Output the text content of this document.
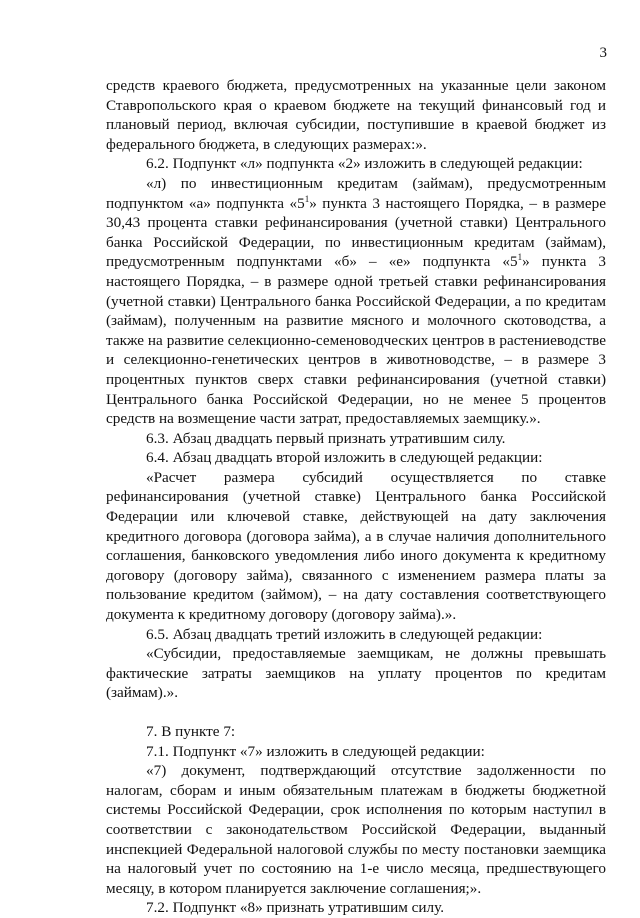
3

средств краевого бюджета, предусмотренных на указанные цели законом Ставропольского края о краевом бюджете на текущий финансовый год и плановый период, включая субсидии, поступившие в краевой бюджет из федерального бюджета, в следующих размерах:».

6.2. Подпункт «л» подпункта «2» изложить в следующей редакции:

«л) по инвестиционным кредитам (займам), предусмотренным подпунктом «а» подпункта «$5^1$» пункта 3 настоящего Порядка, – в размере 30,43 процента ставки рефинансирования (учетной ставки) Центрального банка Российской Федерации, по инвестиционным кредитам (займам), предусмотренным подпунктами «б» – «е» подпункта «$5^1$» пункта 3 настоящего Порядка, – в размере одной третьей ставки рефинансирования (учетной ставки) Центрального банка Российской Федерации, а по кредитам (займам), полученным на развитие мясного и молочного скотоводства, а также на развитие селекционно-семеноводческих центров в растениеводстве и селекционно-генетических центров в животноводстве, – в размере 3 процентных пунктов сверх ставки рефинансирования (учетной ставки) Центрального банка Российской Федерации, но не менее 5 процентов средств на возмещение части затрат, предоставляемых заемщику.».

6.3. Абзац двадцать первый признать утратившим силу.

6.4. Абзац двадцать второй изложить в следующей редакции:

«Расчет размера субсидий осуществляется по ставке рефинансирования (учетной ставке) Центрального банка Российской Федерации или ключевой ставке, действующей на дату заключения кредитного договора (договора займа), а в случае наличия дополнительного соглашения, банковского уведомления либо иного документа к кредитному договору (договору займа), связанного с изменением размера платы за пользование кредитом (займом), – на дату составления соответствующего документа к кредитному договору (договору займа).».

6.5. Абзац двадцать третий изложить в следующей редакции:

«Субсидии, предоставляемые заемщикам, не должны превышать фактические затраты заемщиков на уплату процентов по кредитам (займам).».

7. В пункте 7:

7.1. Подпункт «7» изложить в следующей редакции:

«7) документ, подтверждающий отсутствие задолженности по налогам, сборам и иным обязательным платежам в бюджеты бюджетной системы Российской Федерации, срок исполнения по которым наступил в соответствии с законодательством Российской Федерации, выданный инспекцией Федеральной налоговой службы по месту постановки заемщика на налоговый учет по состоянию на 1-е число месяца, предшествующего месяцу, в котором планируется заключение соглашения;».

7.2. Подпункт «8» признать утратившим силу.
